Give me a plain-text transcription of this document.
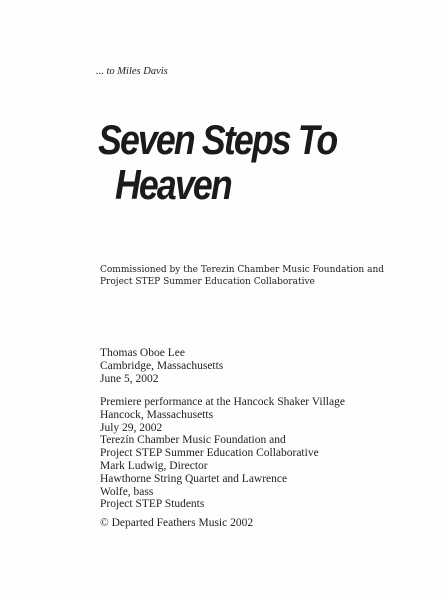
... to Miles Davis
Seven Steps To
Heaven
Commissioned by the Terezin Chamber Music Foundation and
Project STEP Summer Education Collaborative
Thomas Oboe Lee
Cambridge, Massachusetts
June 5, 2002
Premiere performance at the Hancock Shaker Village
Hancock, Massachusetts
July 29, 2002
Terezín Chamber Music Foundation and
Project STEP Summer Education Collaborative
Mark Ludwig, Director
Hawthorne String Quartet and Lawrence
Wolfe, bass
Project STEP Students
© Departed Feathers Music 2002
